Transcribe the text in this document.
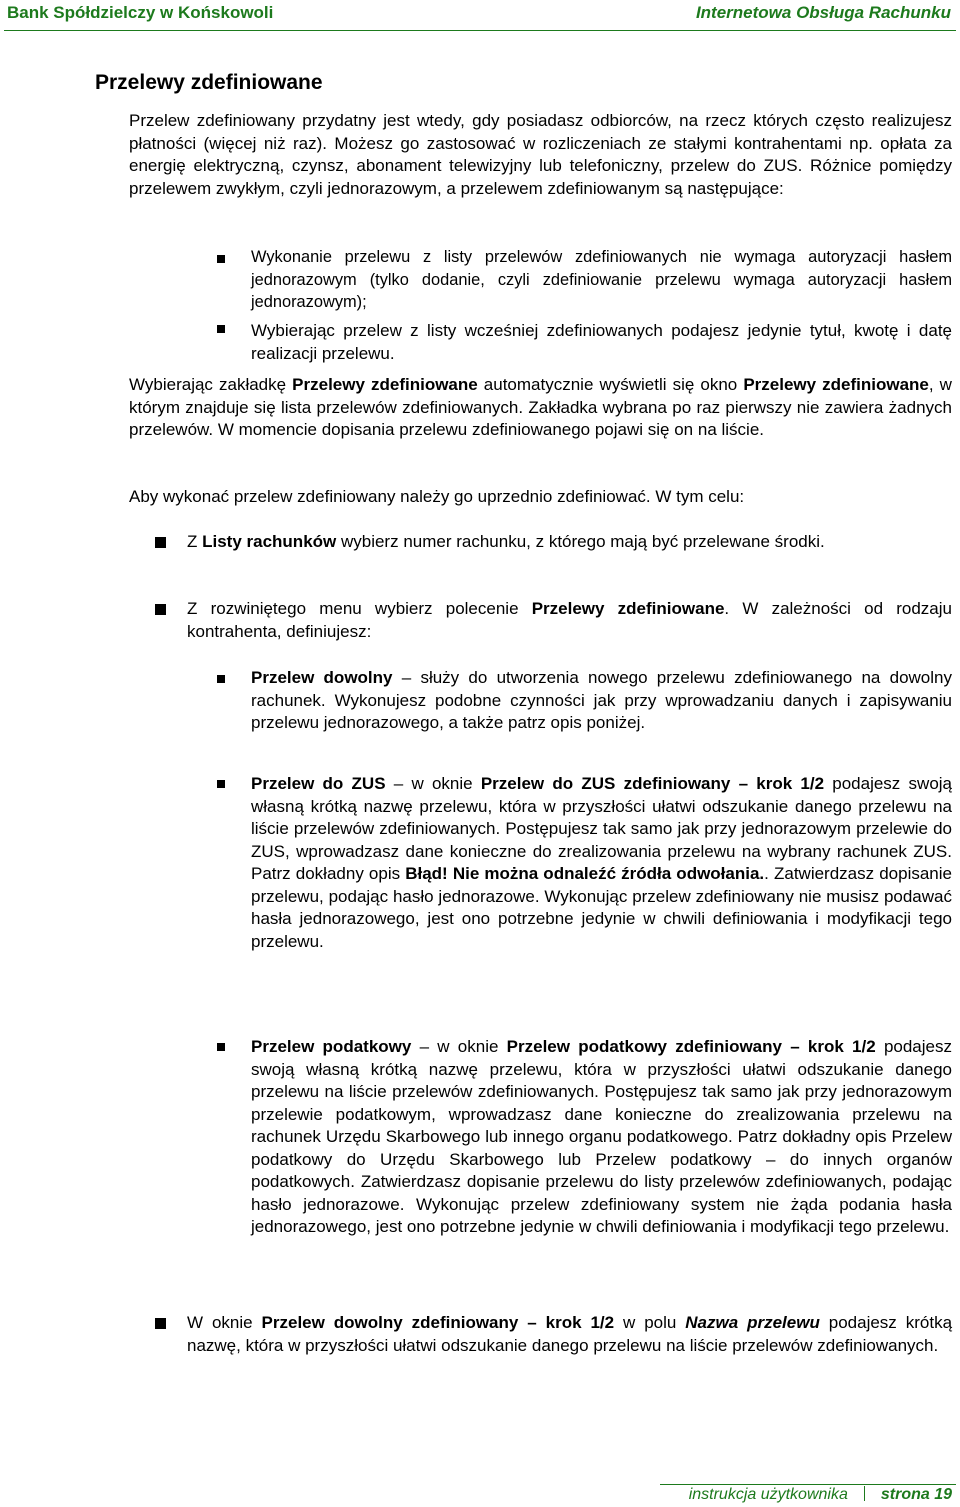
Bank Spółdzielczy w Końskowoli	Internetowa Obsługa Rachunku
Przelewy zdefiniowane

Przelew zdefiniowany przydatny jest wtedy, gdy posiadasz odbiorców, na rzecz których często realizujesz płatności (więcej niż raz). Możesz go zastosować w rozliczeniach ze stałymi kontrahentami np. opłata za energię elektryczną, czynsz, abonament telewizyjny lub telefoniczny, przelew do ZUS. Różnice pomiędzy przelewem zwykłym, czyli jednorazowym, a przelewem zdefiniowanym są następujące:

Wykonanie przelewu z listy przelewów zdefiniowanych nie wymaga autoryzacji hasłem jednorazowym (tylko dodanie, czyli zdefiniowanie przelewu wymaga autoryzacji hasłem jednorazowym);

Wybierając przelew z listy wcześniej zdefiniowanych podajesz jedynie tytuł, kwotę i datę realizacji przelewu.

Wybierając zakładkę Przelewy zdefiniowane automatycznie wyświetli się okno Przelewy zdefiniowane, w którym znajduje się lista przelewów zdefiniowanych. Zakładka wybrana po raz pierwszy nie zawiera żadnych przelewów. W momencie dopisania przelewu zdefiniowanego pojawi się on na liście.

Aby wykonać przelew zdefiniowany należy go uprzednio zdefiniować. W tym celu:

Z Listy rachunków wybierz numer rachunku, z którego mają być przelewane środki.

Z rozwiniętego menu wybierz polecenie Przelewy zdefiniowane. W zależności od rodzaju kontrahenta, definiujesz:

Przelew dowolny – służy do utworzenia nowego przelewu zdefiniowanego na dowolny rachunek. Wykonujesz podobne czynności jak przy wprowadzaniu danych i zapisywaniu przelewu jednorazowego, a także patrz opis poniżej.

Przelew do ZUS – w oknie Przelew do ZUS zdefiniowany – krok 1/2 podajesz swoją własną krótką nazwę przelewu, która w przyszłości ułatwi odszukanie danego przelewu na liście przelewów zdefiniowanych. Postępujesz tak samo jak przy jednorazowym przelewie do ZUS, wprowadzasz dane konieczne do zrealizowania przelewu na wybrany rachunek ZUS. Patrz dokładny opis Błąd! Nie można odnaleźć źródła odwołania.. Zatwierdzasz dopisanie przelewu, podając hasło jednorazowe. Wykonując przelew zdefiniowany nie musisz podawać hasła jednorazowego, jest ono potrzebne jedynie w chwili definiowania i modyfikacji tego przelewu.

Przelew podatkowy – w oknie Przelew podatkowy zdefiniowany – krok 1/2 podajesz swoją własną krótką nazwę przelewu, która w przyszłości ułatwi odszukanie danego przelewu na liście przelewów zdefiniowanych. Postępujesz tak samo jak przy jednorazowym przelewie podatkowym, wprowadzasz dane konieczne do zrealizowania przelewu na rachunek Urzędu Skarbowego lub innego organu podatkowego. Patrz dokładny opis Przelew podatkowy do Urzędu Skarbowego lub Przelew podatkowy – do innych organów podatkowych. Zatwierdzasz dopisanie przelewu do listy przelewów zdefiniowanych, podając hasło jednorazowe. Wykonując przelew zdefiniowany system nie żąda podania hasła jednorazowego, jest ono potrzebne jedynie w chwili definiowania i modyfikacji tego przelewu.

W oknie Przelew dowolny zdefiniowany – krok 1/2 w polu Nazwa przelewu podajesz krótką nazwę, która w przyszłości ułatwi odszukanie danego przelewu na liście przelewów zdefiniowanych.

instrukcja użytkownika strona 19
